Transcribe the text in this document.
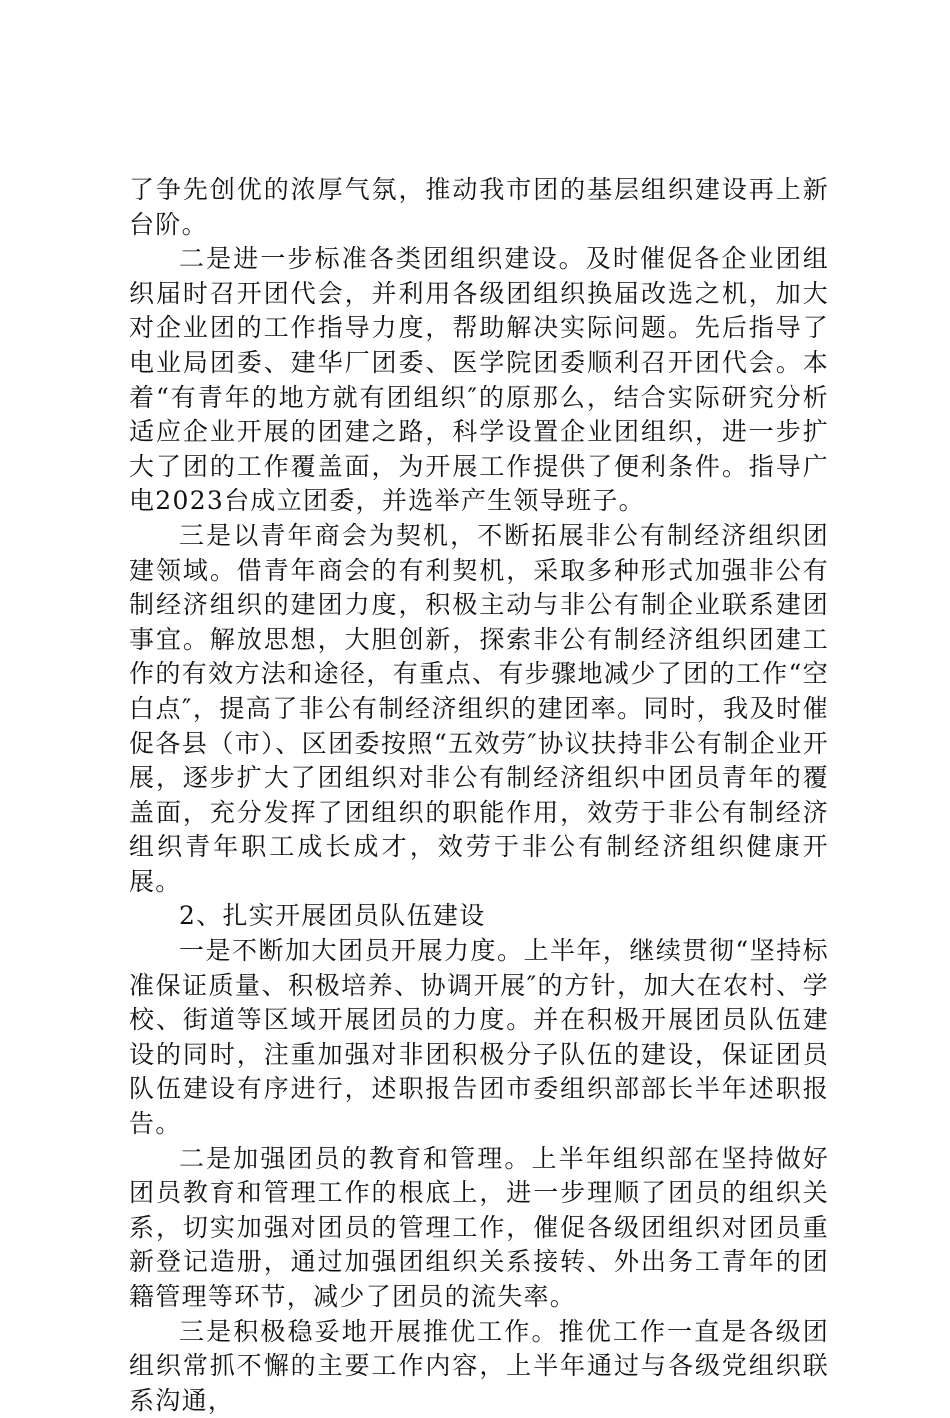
了争先创优的浓厚气氛，推动我市团的基层组织建设再上新台阶。

二是进一步标准各类团组织建设。及时催促各企业团组织届时召开团代会，并利用各级团组织换届改选之机，加大对企业团的工作指导力度，帮助解决实际问题。先后指导了电业局团委、建华厂团委、医学院团委顺利召开团代会。本着“有青年的地方就有团组织″的原那么，结合实际研究分析适应企业开展的团建之路，科学设置企业团组织，进一步扩大了团的工作覆盖面，为开展工作提供了便利条件。指导广电2023台成立团委，并选举产生领导班子。

三是以青年商会为契机，不断拓展非公有制经济组织团建领域。借青年商会的有利契机，采取多种形式加强非公有制经济组织的建团力度，积极主动与非公有制企业联系建团事宜。解放思想，大胆创新，探索非公有制经济组织团建工作的有效方法和途径，有重点、有步骤地减少了团的工作“空白点″，提高了非公有制经济组织的建团率。同时，我及时催促各县（市）、区团委按照“五效劳″协议扶持非公有制企业开展，逐步扩大了团组织对非公有制经济组织中团员青年的覆盖面，充分发挥了团组织的职能作用，效劳于非公有制经济组织青年职工成长成才，效劳于非公有制经济组织健康开展。

2、扎实开展团员队伍建设

一是不断加大团员开展力度。上半年，继续贯彻“坚持标准保证质量、积极培养、协调开展″的方针，加大在农村、学校、街道等区域开展团员的力度。并在积极开展团员队伍建设的同时，注重加强对非团积极分子队伍的建设，保证团员队伍建设有序进行，述职报告团市委组织部部长半年述职报告。

二是加强团员的教育和管理。上半年组织部在坚持做好团员教育和管理工作的根底上，进一步理顺了团员的组织关系，切实加强对团员的管理工作，催促各级团组织对团员重新登记造册，通过加强团组织关系接转、外出务工青年的团籍管理等环节，减少了团员的流失率。

三是积极稳妥地开展推优工作。推优工作一直是各级团组织常抓不懈的主要工作内容，上半年通过与各级党组织联系沟通，
